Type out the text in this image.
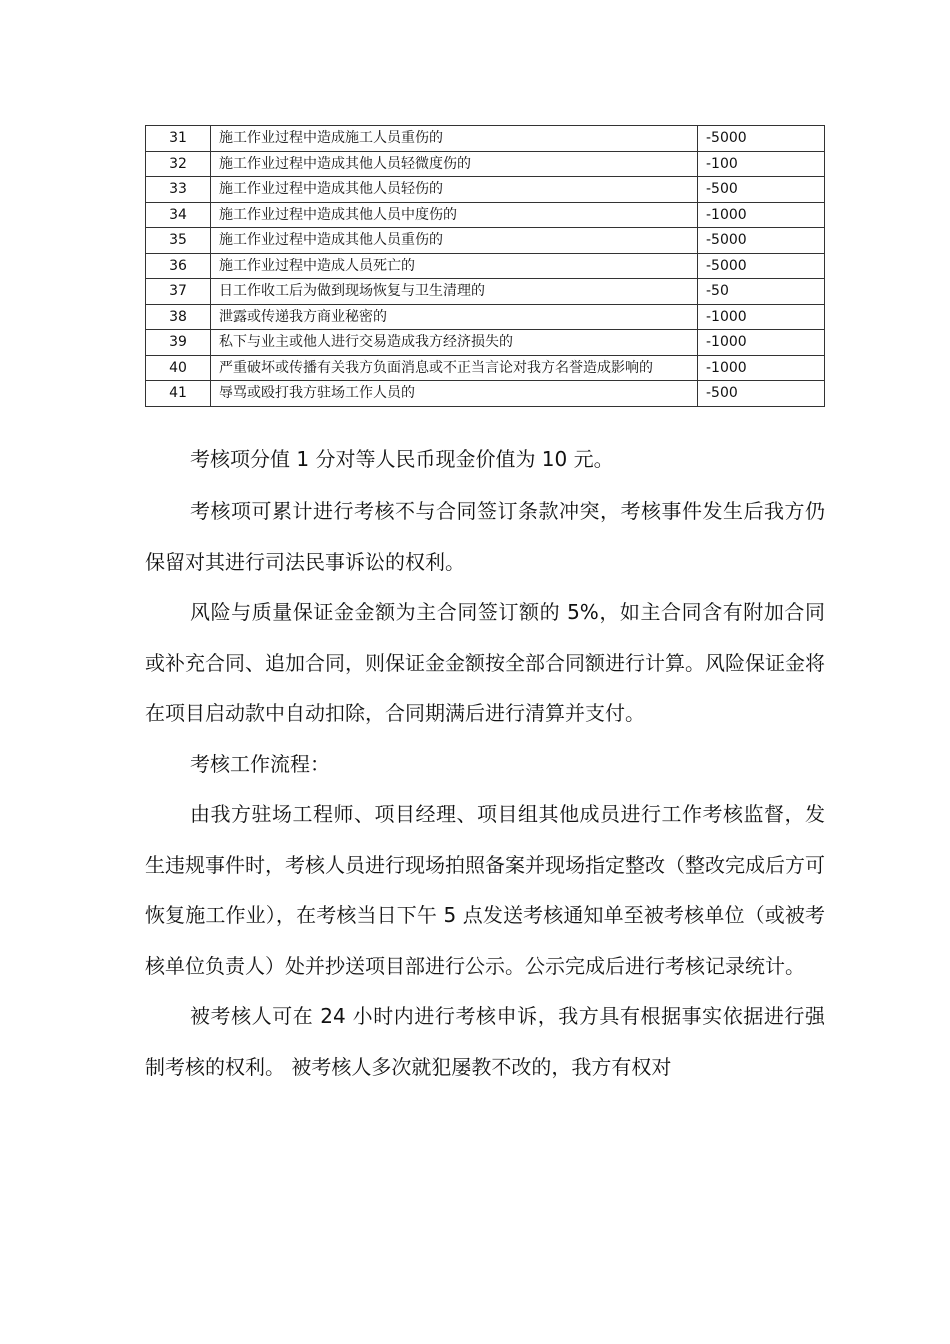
31	施工作业过程中造成施工人员重伤的	-5000
32	施工作业过程中造成其他人员轻微度伤的	-100
33	施工作业过程中造成其他人员轻伤的	-500
34	施工作业过程中造成其他人员中度伤的	-1000
35	施工作业过程中造成其他人员重伤的	-5000
36	施工作业过程中造成人员死亡的	-5000
37	日工作收工后为做到现场恢复与卫生清理的	-50
38	泄露或传递我方商业秘密的	-1000
39	私下与业主或他人进行交易造成我方经济损失的	-1000
40	严重破坏或传播有关我方负面消息或不正当言论对我方名誉造成影响的	-1000
41	辱骂或殴打我方驻场工作人员的	-500

考核项分值 1 分对等人民币现金价值为 10 元。

考核项可累计进行考核不与合同签订条款冲突，考核事件发生后我方仍保留对其进行司法民事诉讼的权利。

风险与质量保证金金额为主合同签订额的 5%，如主合同含有附加合同或补充合同、追加合同，则保证金金额按全部合同额进行计算。风险保证金将在项目启动款中自动扣除，合同期满后进行清算并支付。

考核工作流程：

由我方驻场工程师、项目经理、项目组其他成员进行工作考核监督，发生违规事件时，考核人员进行现场拍照备案并现场指定整改（整改完成后方可恢复施工作业），在考核当日下午 5 点发送考核通知单至被考核单位（或被考核单位负责人）处并抄送项目部进行公示。公示完成后进行考核记录统计。

被考核人可在 24 小时内进行考核申诉，我方具有根据事实依据进行强制考核的权利。 被考核人多次就犯屡教不改的，我方有权对
